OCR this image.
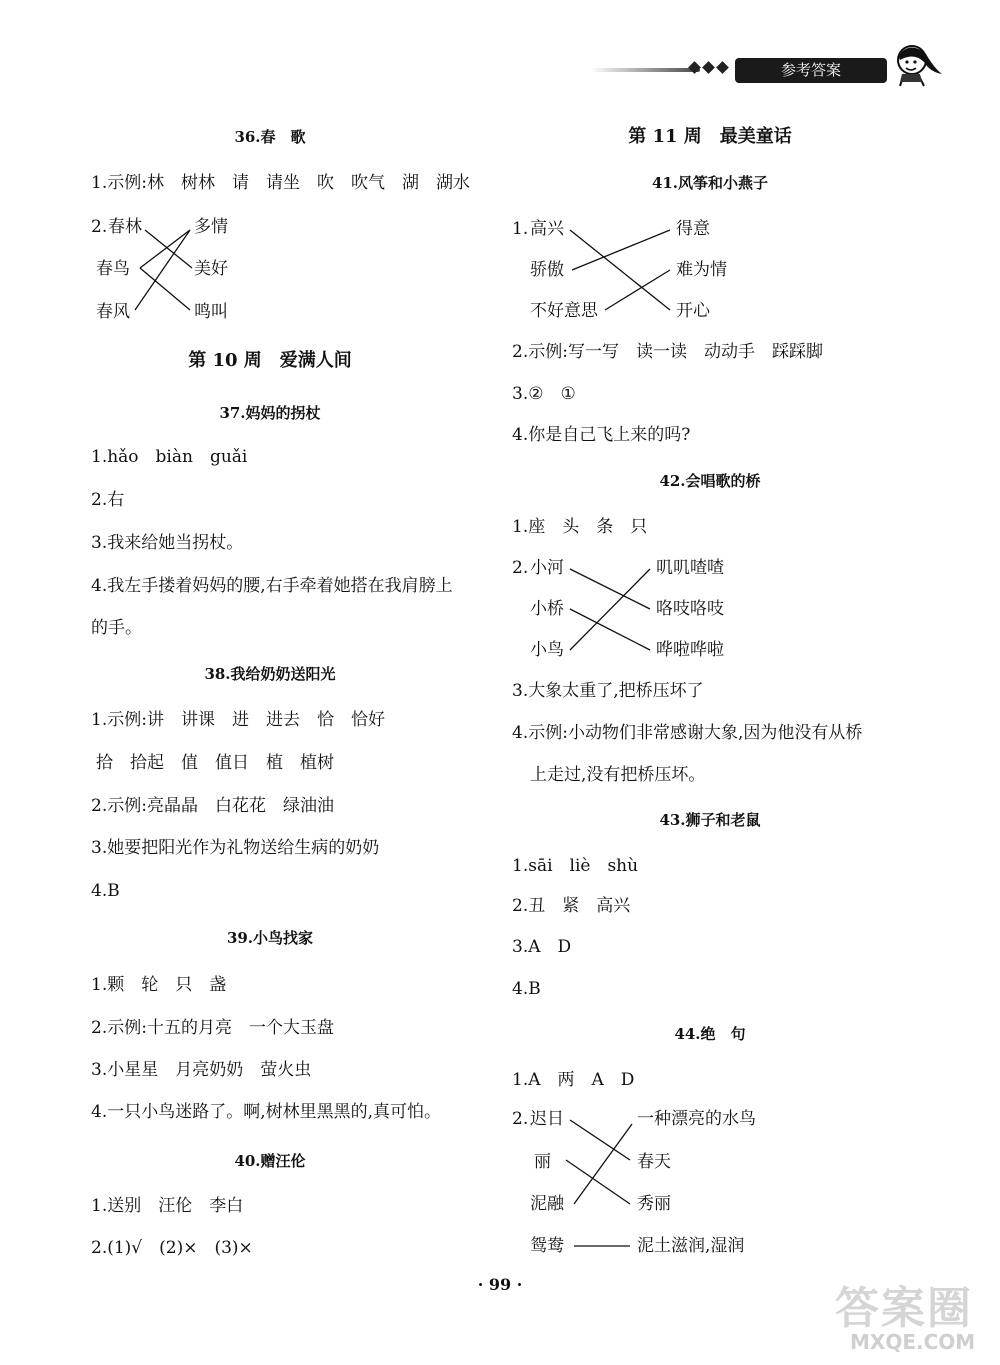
参考答案
36.春　歌
1.示例:林　树林　请　请坐　吹　吹气　湖　湖水
2. 春林
春鸟
春风
多情
美好
鸣叫
第 10 周　爱满人间
37.妈妈的拐杖
1.hǎo　biàn　guǎi
2.右
3.我来给她当拐杖。
4.我左手搂着妈妈的腰,右手牵着她搭在我肩膀上
的手。
38.我给奶奶送阳光
1.示例:讲　讲课　进　进去　恰　恰好
拾　拾起　值　值日　植　植树
2.示例:亮晶晶　白花花　绿油油
3.她要把阳光作为礼物送给生病的奶奶
4.B
39.小鸟找家
1.颗　轮　只　盏
2.示例:十五的月亮　一个大玉盘
3.小星星　月亮奶奶　萤火虫
4.一只小鸟迷路了。啊,树林里黑黑的,真可怕。
40.赠汪伦
1.送别　汪伦　李白
2.(1)√　(2)×　(3)×
第 11 周　最美童话
41.风筝和小燕子
1. 高兴
骄傲
不好意思
得意
难为情
开心
2.示例:写一写　读一读　动动手　踩踩脚
3.②　①
4.你是自己飞上来的吗?
42.会唱歌的桥
1.座　头　条　只
2. 小河
小桥
小鸟
叽叽喳喳
咯吱咯吱
哗啦哗啦
3.大象太重了,把桥压坏了
4.示例:小动物们非常感谢大象,因为他没有从桥
上走过,没有把桥压坏。
43.狮子和老鼠
1.sāi　liè　shù
2.丑　紧　高兴
3.A　D
4.B
44.绝　句
1.A　两　A　D
2. 迟日
丽
泥融
鸳鸯
一种漂亮的水鸟
春天
秀丽
泥土滋润,湿润
· 99 ·	答案圈
MXQE.COM
